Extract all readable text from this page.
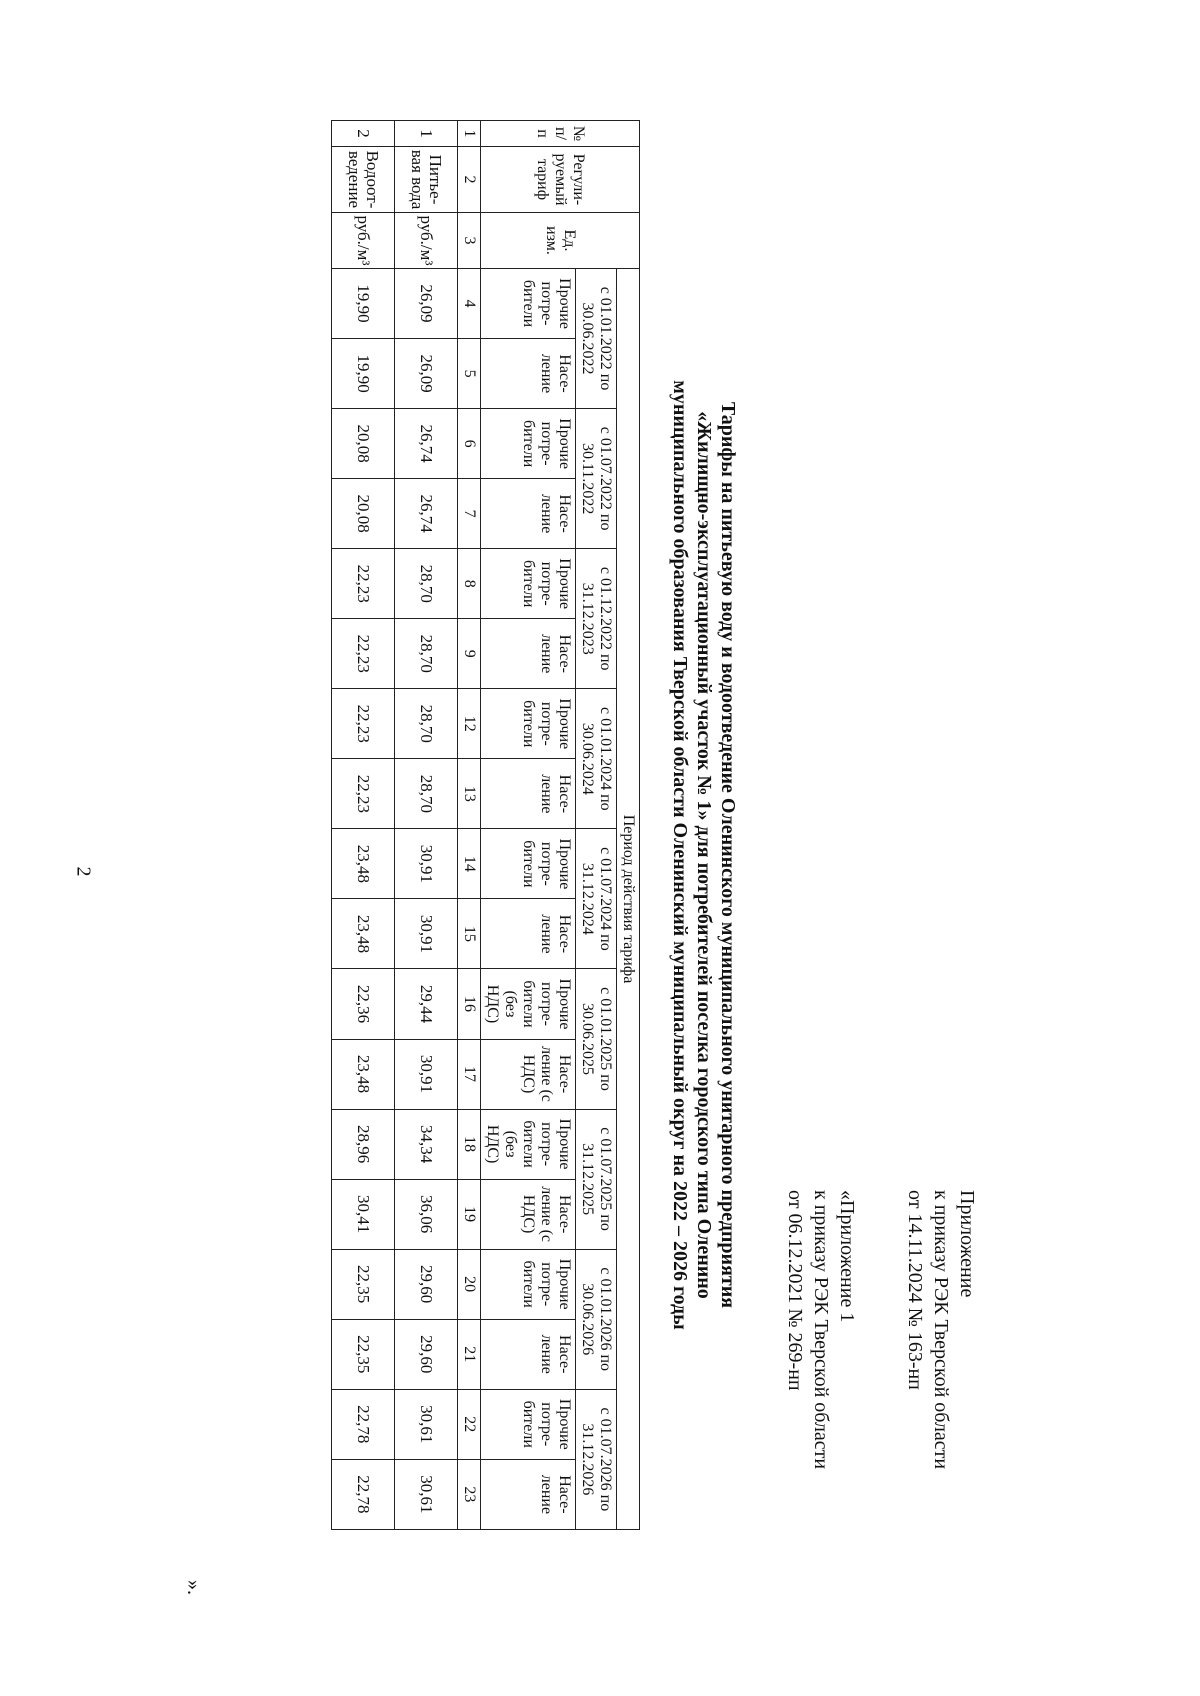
2
Приложение
к приказу РЭК Тверской области
от 14.11.2024 № 163-нп
«Приложение 1
к приказу РЭК Тверской области
от 06.12.2021 № 269-нп
Тарифы на питьевую воду и водоотведение Оленинского муниципального унитарного предприятия
«Жилищно-эксплуатационный участок № 1» для потребителей поселка городского типа Оленино
муниципального образования Тверской области Оленинский муниципальный округ на 2022 – 2026 годы
№ п/п	Регули-руемый тариф	Ед. изм.	Период действия тарифа																	
			с 01.01.2022 по 30.06.2022		с 01.07.2022 по 30.11.2022		с 01.12.2022 по 31.12.2023		с 01.01.2024 по 30.06.2024		с 01.07.2024 по 31.12.2024		с 01.01.2025 по 30.06.2025		с 01.07.2025 по 31.12.2025		с 01.01.2026 по 30.06.2026		с 01.07.2026 по 31.12.2026	
			Прочие потре-бители	Насе-ление	Прочие потре-бители	Насе-ление	Прочие потре-бители	Насе-ление	Прочие потре-бители	Насе-ление	Прочие потре-бители	Насе-ление	Прочие потре-бители (без НДС)	Насе-ление (с НДС)	Прочие потре-бители (без НДС)	Насе-ление (с НДС)	Прочие потре-бители	Насе-ление	Прочие потре-бители	Насе-ление
1	2	3	4	5	6	7	8	9	12	13	14	15	16	17	18	19	20	21	22	23
1	Питье-вая вода	руб./м³	26,09	26,09	26,74	26,74	28,70	28,70	28,70	28,70	30,91	30,91	29,44	30,91	34,34	36,06	29,60	29,60	30,61	30,61
2	Водоот-ведение	руб./м³	19,90	19,90	20,08	20,08	22,23	22,23	22,23	22,23	23,48	23,48	22,36	23,48	28,96	30,41	22,35	22,35	22,78	22,78
».
